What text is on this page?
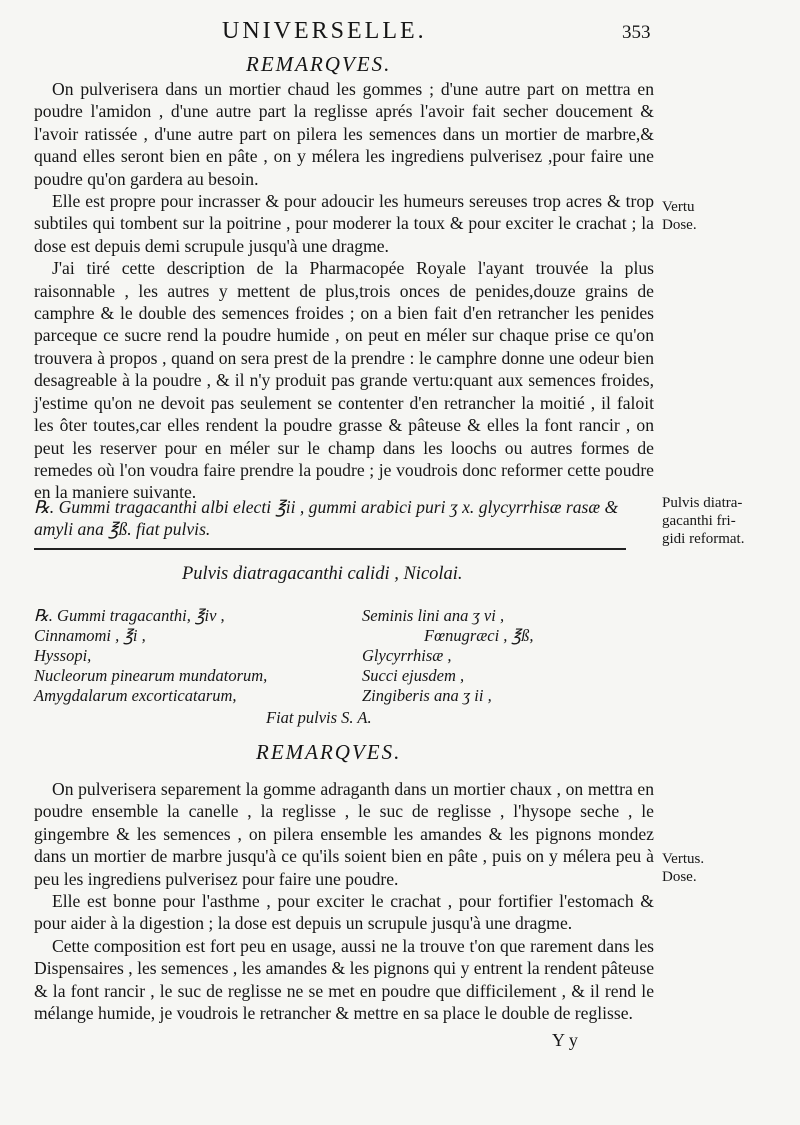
UNIVERSELLE.	353
REMARQVES.

On pulverisera dans un mortier chaud les gommes ; d'une autre part on mettra en poudre l'amidon , d'une autre part la reglisse aprés l'avoir fait secher doucement & l'avoir ratissée , d'une autre part on pilera les semences dans un mortier de marbre,& quand elles seront bien en pâte , on y mélera les ingrediens pulverisez ,pour faire une poudre qu'on gardera au besoin.

Elle est propre pour incrasser & pour adoucir les humeurs sereuses trop acres & trop subtiles qui tombent sur la poitrine , pour moderer la toux & pour exciter le crachat ; la dose est depuis demi scrupule jusqu'à une dragme.

J'ai tiré cette description de la Pharmacopée Royale l'ayant trouvée la plus raisonnable , les autres y mettent de plus,trois onces de penides,douze grains de camphre & le double des semences froides ; on a bien fait d'en retrancher les penides parceque ce sucre rend la poudre humide , on peut en méler sur chaque prise ce qu'on trouvera à propos , quand on sera prest de la prendre : le camphre donne une odeur bien desagreable à la poudre , & il n'y produit pas grande vertu:quant aux semences froides, j'estime qu'on ne devoit pas seulement se contenter d'en retrancher la moitié , il faloit les ôter toutes,car elles rendent la poudre grasse & pâteuse & elles la font rancir , on peut les reserver pour en méler sur le champ dans les loochs ou autres formes de remedes où l'on voudra faire prendre la poudre ; je voudrois donc reformer cette poudre en la maniere suivante.

Vertu
Dose.
℞. Gummi tragacanthi albi electi ℥ii , gummi arabici puri ʒ x. glycyrrhisæ rasæ & amyli ana ℥ß. fiat pulvis.
Pulvis diatra-
gacanthi fri-
gidi reformat.
Pulvis diatragacanthi calidi , Nicolai.
℞. Gummi tragacanthi, ℥iv ,
Cinnamomi , ℥i ,
Hyssopi,
Nucleorum pinearum mundatorum,
Amygdalarum excorticatarum,
Seminis lini ana ʒ vi ,
Fœnugræci , ℥ß,
Glycyrrhisæ ,
Succi ejusdem ,
Zingiberis ana ʒ ii ,
Fiat pulvis S. A.
REMARQVES.

On pulverisera separement la gomme adraganth dans un mortier chaux , on mettra en poudre ensemble la canelle , la reglisse , le suc de reglisse , l'hysope seche , le gingembre & les semences , on pilera ensemble les amandes & les pignons mondez dans un mortier de marbre jusqu'à ce qu'ils soient bien en pâte , puis on y mélera peu à peu les ingrediens pulverisez pour faire une poudre.

Elle est bonne pour l'asthme , pour exciter le crachat , pour fortifier l'estomach & pour aider à la digestion ; la dose est depuis un scrupule jusqu'à une dragme.

Cette composition est fort peu en usage, aussi ne la trouve t'on que rarement dans les Dispensaires , les semences , les amandes & les pignons qui y entrent la rendent pâteuse & la font rancir , le suc de reglisse ne se met en poudre que difficilement , & il rend le mélange humide, je voudrois le retrancher & mettre en sa place le double de reglisse.

Vertus.
Dose.
Y y
